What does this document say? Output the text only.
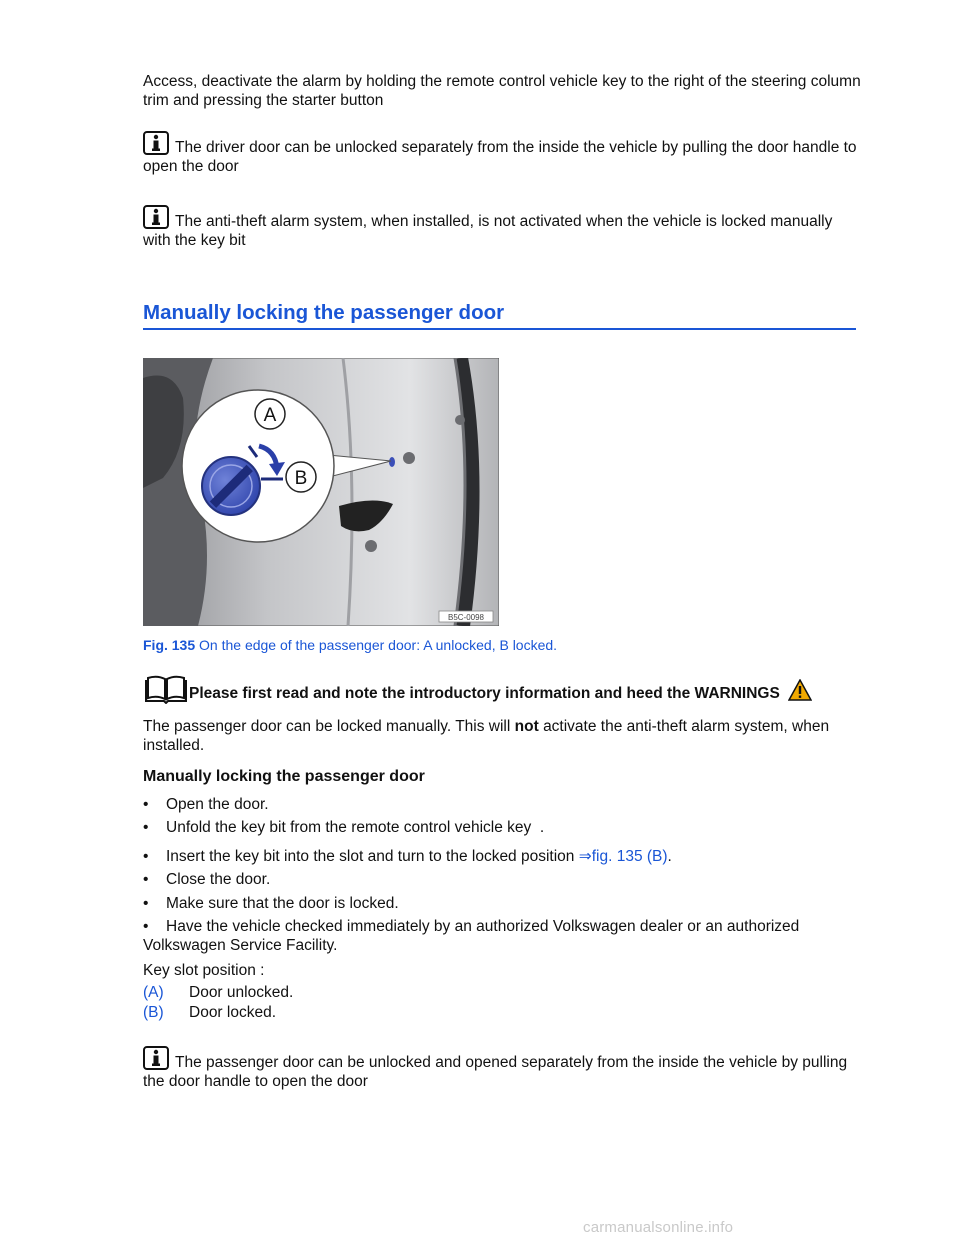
Access, deactivate the alarm by holding the remote control vehicle key to the right of the steering column trim and pressing the starter button
The driver door can be unlocked separately from the inside the vehicle by pulling the door handle to open the door
The anti-theft alarm system, when installed, is not activated when the vehicle is locked manually with the key bit
Manually locking the passenger door
A
B
B5C-0098
Fig. 135 On the edge of the passenger door: A unlocked, B locked.
Please first read and note the introductory information and heed the WARNINGS
The passenger door can be locked manually. This will not activate the anti-theft alarm system, when installed.
Manually locking the passenger door
• Open the door.
• Unfold the key bit from the remote control vehicle key .
• Insert the key bit into the slot and turn to the locked position ⇒fig. 135 (B).
• Close the door.
• Make sure that the door is locked.
• Have the vehicle checked immediately by an authorized Volkswagen dealer or an authorized Volkswagen Service Facility.
Key slot position :
(A) Door unlocked.
(B) Door locked.
The passenger door can be unlocked and opened separately from the inside the vehicle by pulling the door handle to open the door
carmanualsonline.info
